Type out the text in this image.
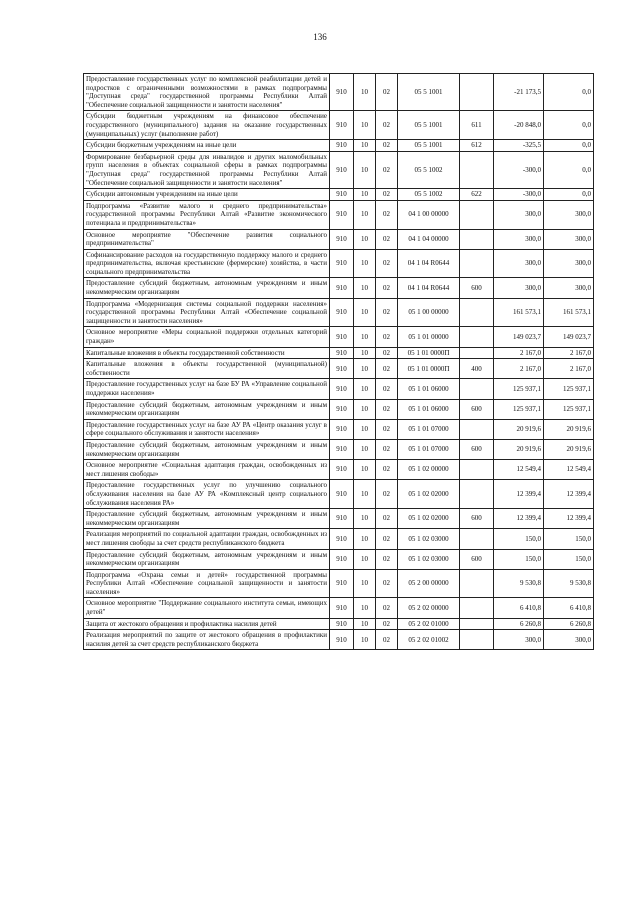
136
Предоставление государственных услуг по комплексной реабилитации детей и подростков с ограниченными возможностями в рамках подпрограммы "Доступная среда" государственной программы Республики Алтай "Обеспечение социальной защищенности и занятости населения"	910	10	02	05 5 1001		-21 173,5	0,0
Субсидии бюджетным учреждениям на финансовое обеспечение государственного (муниципального) задания на оказание государственных (муниципальных) услуг (выполнение работ)	910	10	02	05 5 1001	611	-20 848,0	0,0
Субсидии бюджетным учреждениям на иные цели	910	10	02	05 5 1001	612	-325,5	0,0
Формирование безбарьерной среды для инвалидов и других маломобильных групп населения в объектах социальной сферы в рамках подпрограммы "Доступная среда" государственной программы Республики Алтай "Обеспечение социальной защищенности и занятости населения"	910	10	02	05 5 1002		-300,0	0,0
Субсидии автономным учреждениям на иные цели	910	10	02	05 5 1002	622	-300,0	0,0
Подпрограмма «Развитие малого и среднего предпринимательства» государственной программы Республики Алтай «Развитие экономического потенциала и предпринимательства»	910	10	02	04 1 00 00000		300,0	300,0
Основное мероприятие "Обеспечение развития социального предпринимательства"	910	10	02	04 1 04 00000		300,0	300,0
Софинансирование расходов на государственную поддержку малого и среднего предпринимательства, включая крестьянские (фермерские) хозяйства, в части социального предпринимательства	910	10	02	04 1 04 R0644		300,0	300,0
Предоставление субсидий бюджетным, автономным учреждениям и иным некоммерческим организациям	910	10	02	04 1 04 R0644	600	300,0	300,0
Подпрограмма «Модернизация системы социальной поддержки населения» государственной программы Республики Алтай «Обеспечение социальной защищенности и занятости населения»	910	10	02	05 1 00 00000		161 573,1	161 573,1
Основное мероприятие «Меры социальной поддержки отдельных категорий граждан»	910	10	02	05 1 01 00000		149 023,7	149 023,7
Капитальные вложения в объекты государственной собственности	910	10	02	05 1 01 0000П		2 167,0	2 167,0
Капитальные вложения в объекты государственной (муниципальной) собственности	910	10	02	05 1 01 0000П	400	2 167,0	2 167,0
Предоставление государственных услуг на базе БУ РА «Управление социальной поддержки населения»	910	10	02	05 1 01 06000		125 937,1	125 937,1
Предоставление субсидий бюджетным, автономным учреждениям и иным некоммерческим организациям	910	10	02	05 1 01 06000	600	125 937,1	125 937,1
Предоставление государственных услуг на базе АУ РА «Центр оказания услуг в сфере социального обслуживания и занятости населения»	910	10	02	05 1 01 07000		20 919,6	20 919,6
Предоставление субсидий бюджетным, автономным учреждениям и иным некоммерческим организациям	910	10	02	05 1 01 07000	600	20 919,6	20 919,6
Основное мероприятие «Социальная адаптация граждан, освобожденных из мест лишения свободы»	910	10	02	05 1 02 00000		12 549,4	12 549,4
Предоставление государственных услуг по улучшению социального обслуживания населения на базе АУ РА «Комплексный центр социального обслуживания населения РА»	910	10	02	05 1 02 02000		12 399,4	12 399,4
Предоставление субсидий бюджетным, автономным учреждениям и иным некоммерческим организациям	910	10	02	05 1 02 02000	600	12 399,4	12 399,4
Реализация мероприятий по социальной адаптации граждан, освобожденных из мест лишения свободы за счет средств республиканского бюджета	910	10	02	05 1 02 03000		150,0	150,0
Предоставление субсидий бюджетным, автономным учреждениям и иным некоммерческим организациям	910	10	02	05 1 02 03000	600	150,0	150,0
Подпрограмма «Охрана семьи и детей» государственной программы Республики Алтай «Обеспечение социальной защищенности и занятости населения»	910	10	02	05 2 00 00000		9 530,8	9 530,8
Основное мероприятие "Поддержание социального института семьи, имеющих детей"	910	10	02	05 2 02 00000		6 410,8	6 410,8
Защита от жестокого обращения и профилактика насилия детей	910	10	02	05 2 02 01000		6 260,8	6 260,8
Реализация мероприятий по защите от жестокого обращения в профилактики насилия детей за счет средств республиканского бюджета	910	10	02	05 2 02 01002		300,0	300,0
